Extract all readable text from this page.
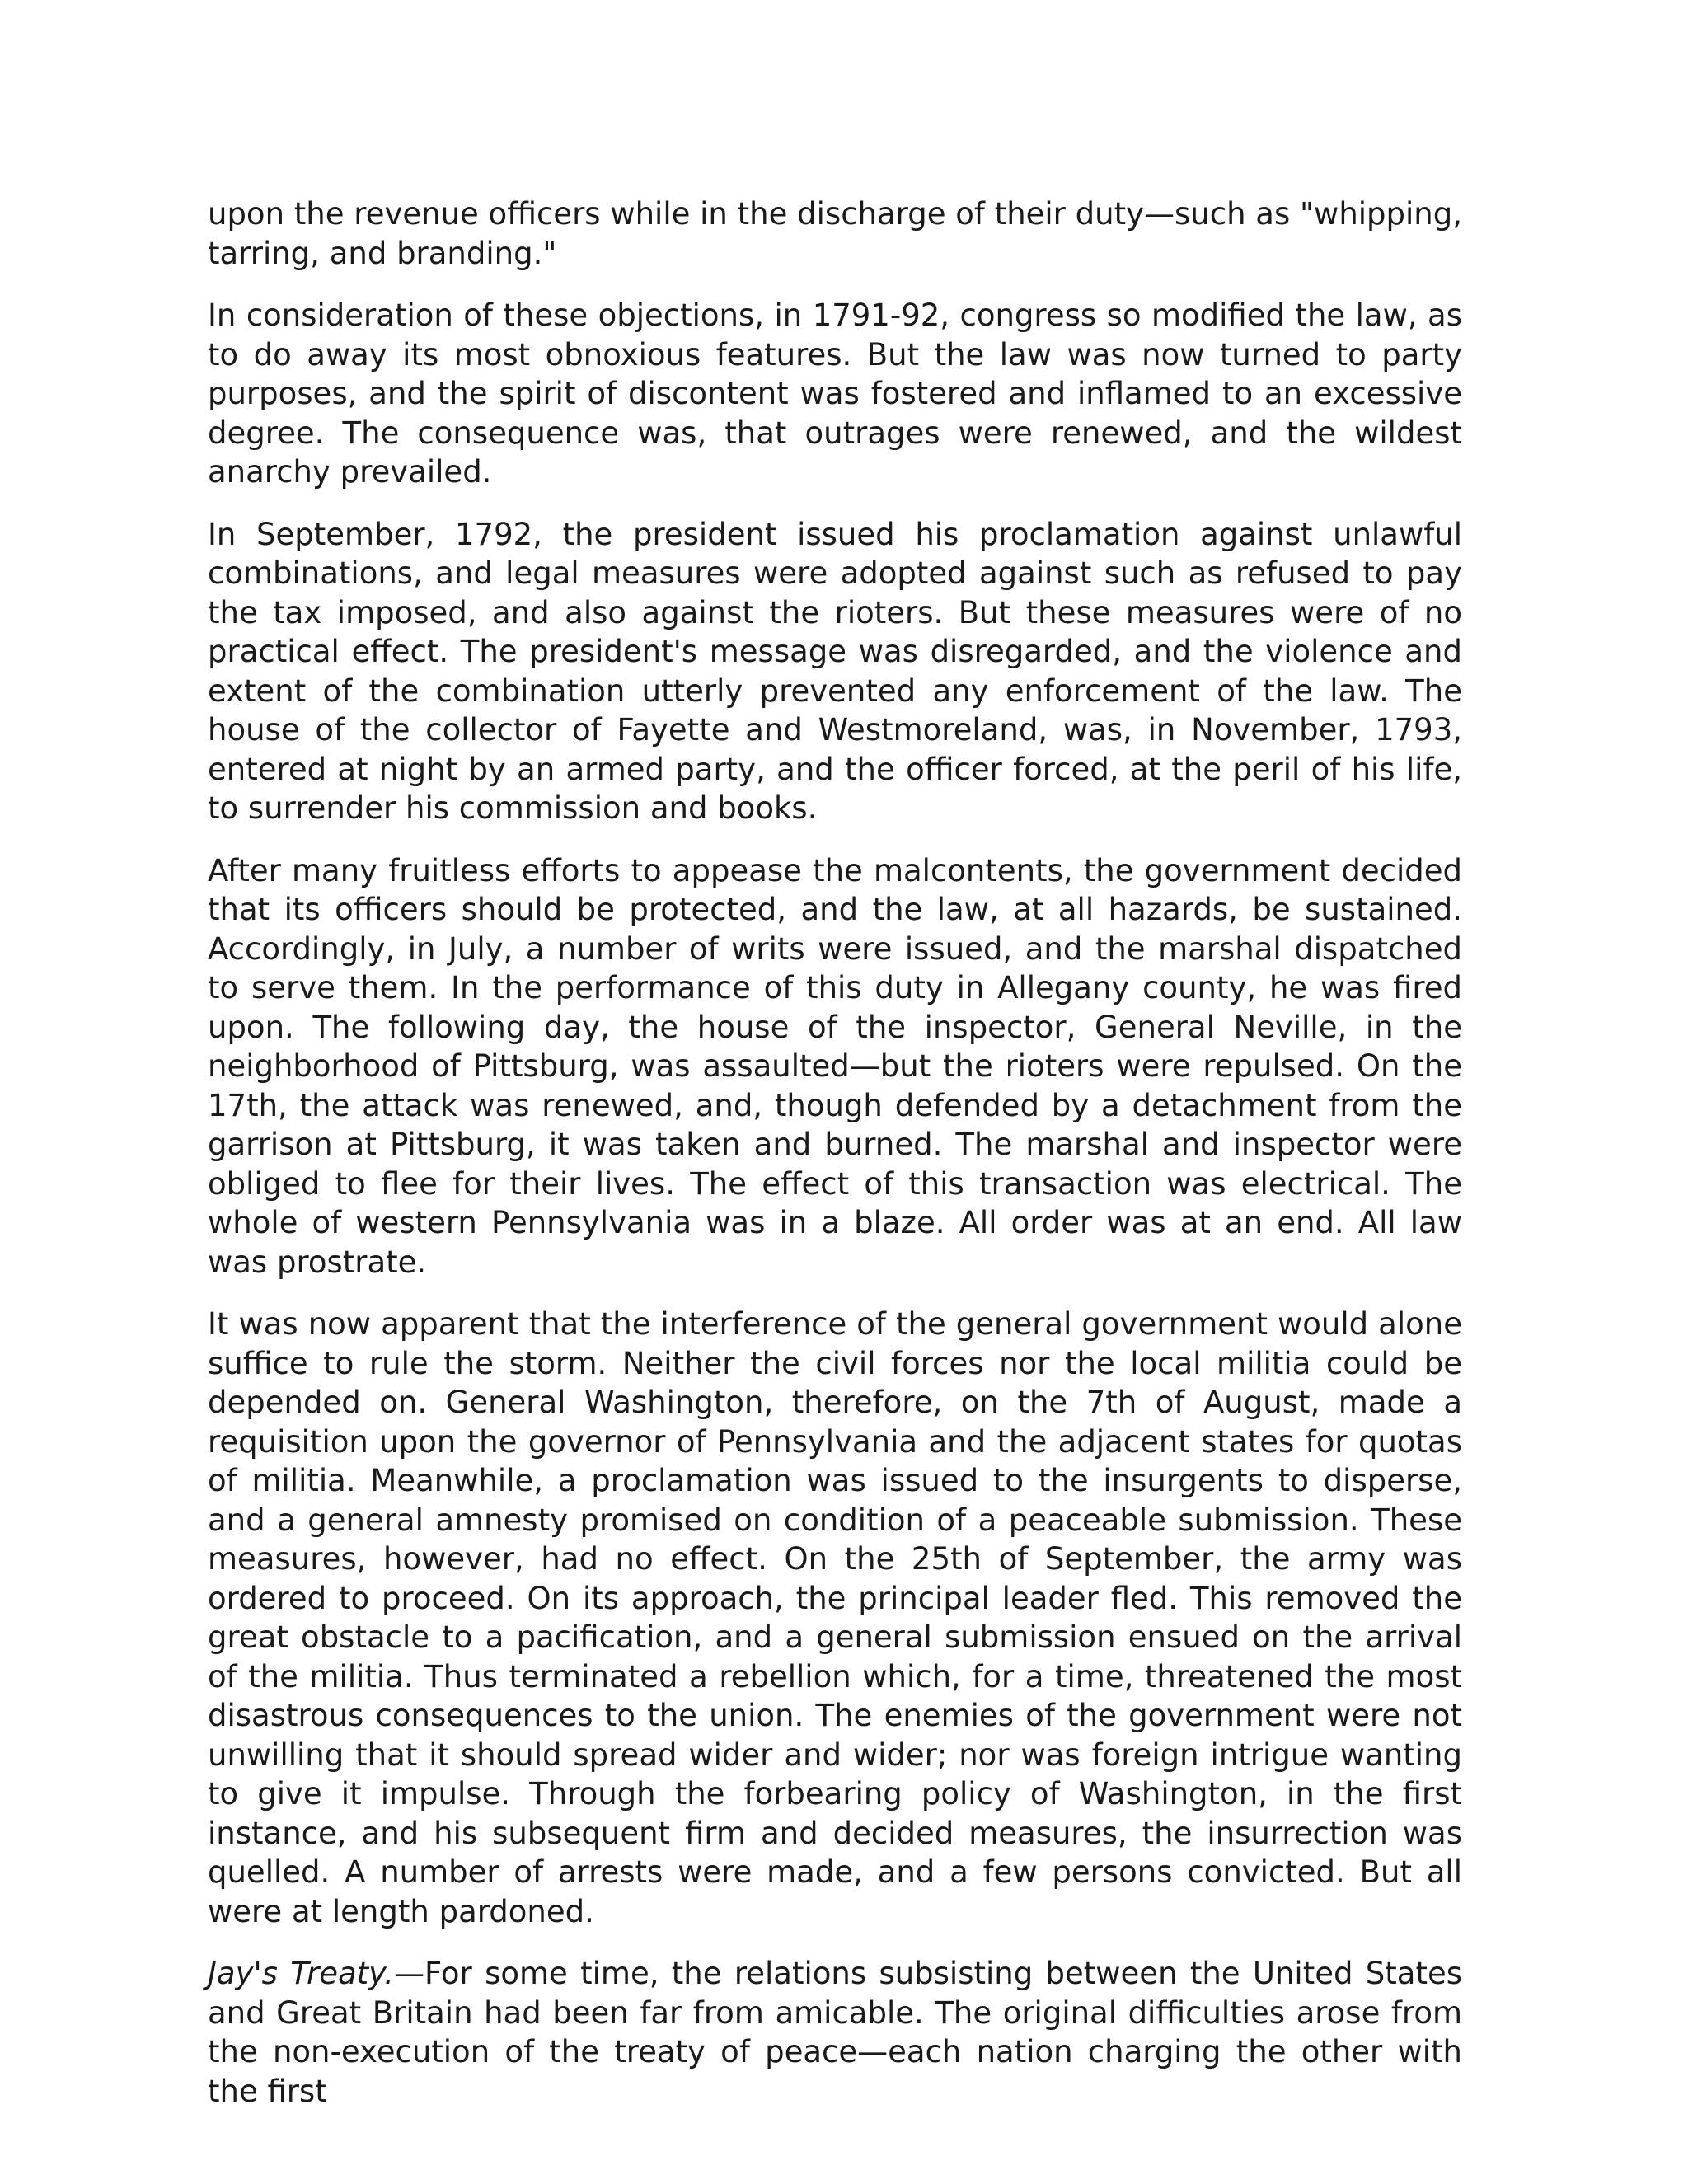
upon the revenue officers while in the discharge of their duty—such as "whipping, tarring, and branding."

In consideration of these objections, in 1791-92, congress so modified the law, as to do away its most obnoxious features. But the law was now turned to party purposes, and the spirit of discontent was fostered and inflamed to an excessive degree. The consequence was, that outrages were renewed, and the wildest anarchy prevailed.

In September, 1792, the president issued his proclamation against unlawful combinations, and legal measures were adopted against such as refused to pay the tax imposed, and also against the rioters. But these measures were of no practical effect. The president's message was disregarded, and the violence and extent of the combination utterly prevented any enforcement of the law. The house of the collector of Fayette and Westmoreland, was, in November, 1793, entered at night by an armed party, and the officer forced, at the peril of his life, to surrender his commission and books.

After many fruitless efforts to appease the malcontents, the government decided that its officers should be protected, and the law, at all hazards, be sustained. Accordingly, in July, a number of writs were issued, and the marshal dispatched to serve them. In the performance of this duty in Allegany county, he was fired upon. The following day, the house of the inspector, General Neville, in the neighborhood of Pittsburg, was assaulted—but the rioters were repulsed. On the 17th, the attack was renewed, and, though defended by a detachment from the garrison at Pittsburg, it was taken and burned. The marshal and inspector were obliged to flee for their lives. The effect of this transaction was electrical. The whole of western Pennsylvania was in a blaze. All order was at an end. All law was prostrate.

It was now apparent that the interference of the general government would alone suffice to rule the storm. Neither the civil forces nor the local militia could be depended on. General Washington, therefore, on the 7th of August, made a requisition upon the governor of Pennsylvania and the adjacent states for quotas of militia. Meanwhile, a proclamation was issued to the insurgents to disperse, and a general amnesty promised on condition of a peaceable submission. These measures, however, had no effect. On the 25th of September, the army was ordered to proceed. On its approach, the principal leader fled. This removed the great obstacle to a pacification, and a general submission ensued on the arrival of the militia. Thus terminated a rebellion which, for a time, threatened the most disastrous consequences to the union. The enemies of the government were not unwilling that it should spread wider and wider; nor was foreign intrigue wanting to give it impulse. Through the forbearing policy of Washington, in the first instance, and his subsequent firm and decided measures, the insurrection was quelled. A number of arrests were made, and a few persons convicted. But all were at length pardoned.

Jay's Treaty.—For some time, the relations subsisting between the United States and Great Britain had been far from amicable. The original difficulties arose from the non-execution of the treaty of peace—each nation charging the other with the first
